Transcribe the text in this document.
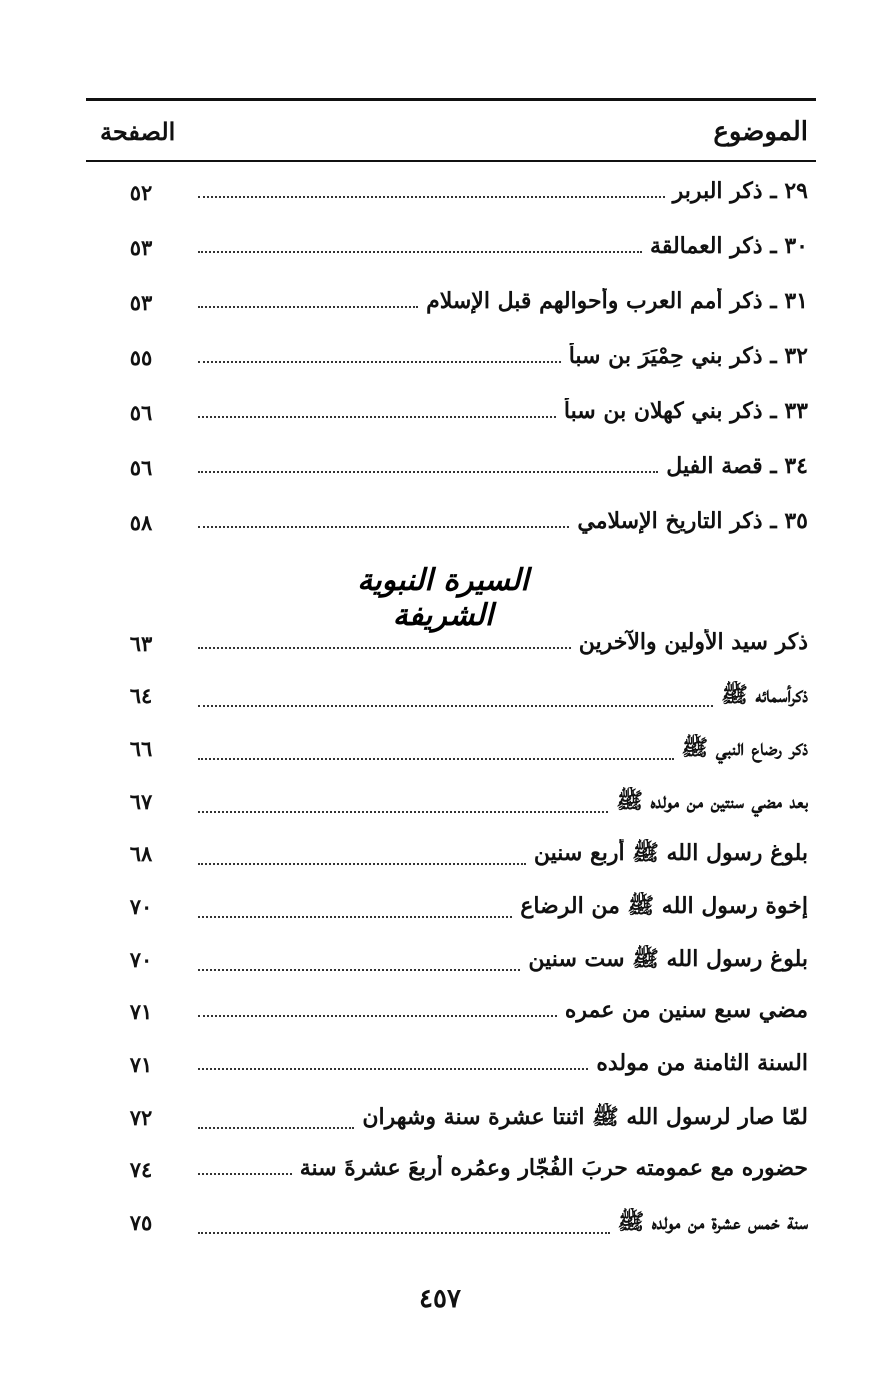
الموضوع
الصفحة
٢٩ ـ ذكر البربر
٥٢
٣٠ ـ ذكر العمالقة
٥٣
٣١ ـ ذكر أمم العرب وأحوالهم قبل الإسلام
٥٣
٣٢ ـ ذكر بني حِمْيَرَ بن سبأ
٥٥
٣٣ ـ ذكر بني كهلان بن سبأ
٥٦
٣٤ ـ قصة الفيل
٥٦
٣٥ ـ ذكر التاريخ الإسلامي
٥٨
ذكر سيد الأولين والآخرين
٦٣
ذكرأسمائه ﷺ
٦٤
ذكر رضاع النبي ﷺ
٦٦
بعد مضي سنتين من مولده ﷺ
٦٧
بلوغ رسول الله ﷺ أربع سنين
٦٨
إخوة رسول الله ﷺ من الرضاع
٧٠
بلوغ رسول الله ﷺ ست سنين
٧٠
مضي سبع سنين من عمره
٧١
السنة الثامنة من مولده
٧١
لمّا صار لرسول الله ﷺ اثنتا عشرة سنة وشهران
٧٢
حضوره مع عمومته حربَ الفُجّار وعمُره أربعَ عشرةَ سنة
٧٤
سنة خمس عشرة من مولده ﷺ
٧٥
السيرة النبوية الشريفة
٤٥٧
